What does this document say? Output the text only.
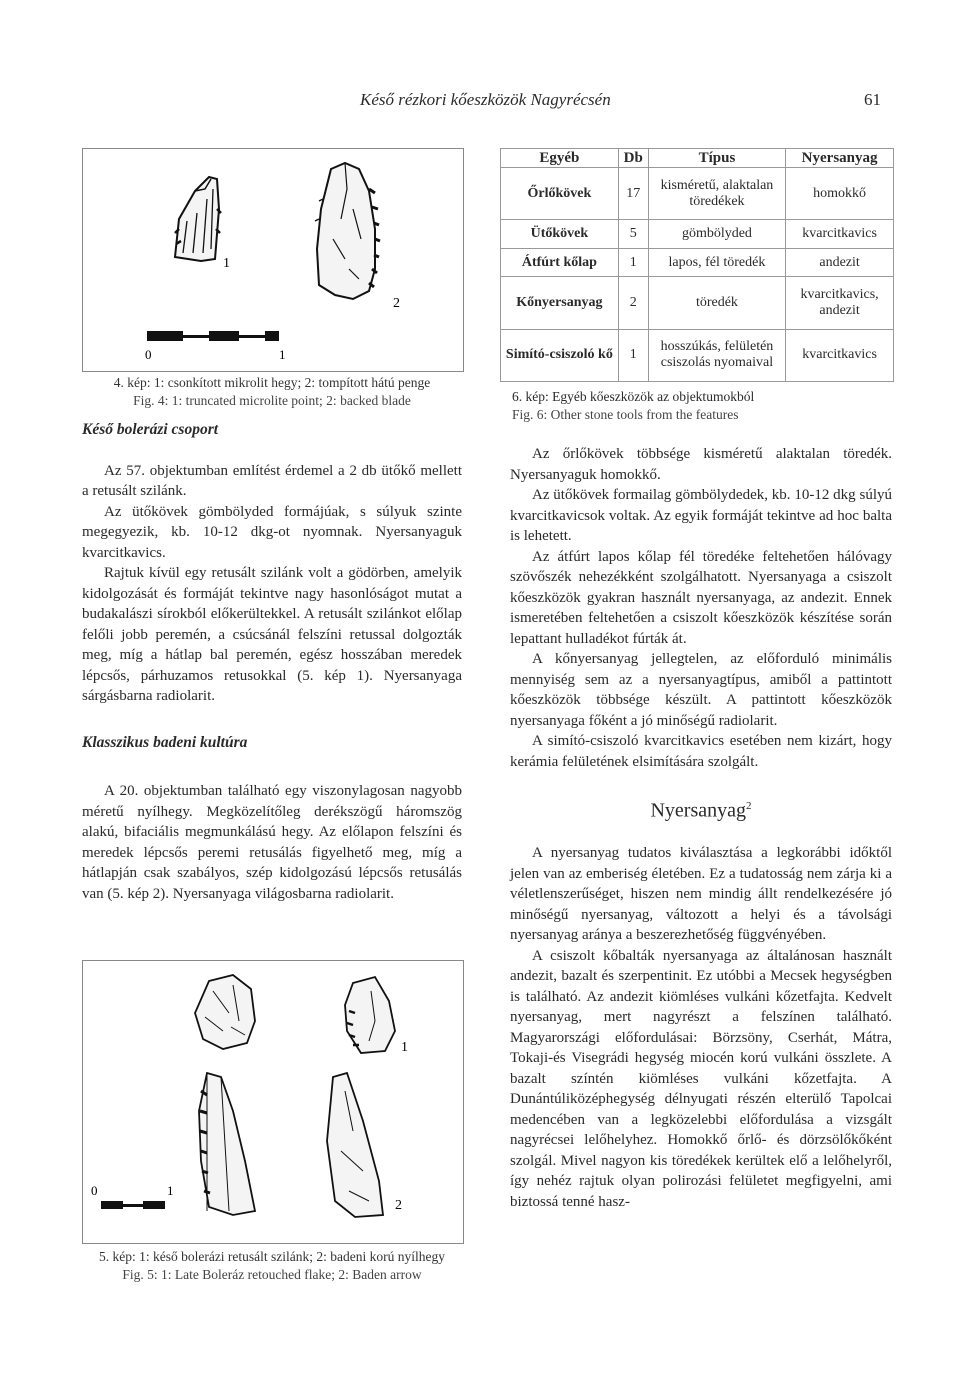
Késő rézkori kőeszközök Nagyrécsén	61
1
2
0	1
4. kép: 1: csonkított mikrolit hegy; 2: tompított hátú penge
Fig. 4: 1: truncated microlite point; 2: backed blade
Késő bolerázi csoport

Az 57. objektumban említést érdemel a 2 db ütőkő mellett a retusált szilánk.

Az ütőkövek gömbölyded formájúak, s súlyuk szinte megegyezik, kb. 10-12 dkg-ot nyomnak. Nyersanyaguk kvarcitkavics.

Rajtuk kívül egy retusált szilánk volt a gödörben, amelyik kidolgozását és formáját tekintve nagy hasonlóságot mutat a budakalászi sírokból előkerültekkel. A retusált szilánkot előlap felőli jobb peremén, a csúcsánál felszíni retussal dolgozták meg, míg a hátlap bal peremén, egész hosszában meredek lépcsős, párhuzamos retusokkal (5. kép 1). Nyersanyaga sárgásbarna radiolarit.

Klasszikus badeni kultúra

A 20. objektumban található egy viszonylagosan nagyobb méretű nyílhegy. Megközelítőleg derékszögű háromszög alakú, bifaciális megmunkálású hegy. Az előlapon felszíni és meredek lépcsős peremi retusálás figyelhető meg, míg a hátlapján csak szabályos, szép kidolgozású lépcsős retusálás van (5. kép 2). Nyersanyaga világosbarna radiolarit.

1
2
0	1
5. kép: 1: késő bolerázi retusált szilánk; 2: badeni korú nyílhegy
Fig. 5: 1: Late Boleráz retouched flake; 2: Baden arrow
Egyéb	Db	Típus	Nyersanyag
Őrlőkövek	17	kisméretű, alaktalan töredékek	homokkő
Ütőkövek	5	gömbölyded	kvarcitkavics
Átfúrt kőlap	1	lapos, fél töredék	andezit
Kőnyersanyag	2	töredék	kvarcitkavics, andezit
Simító-csiszoló kő	1	hosszúkás, felületén csiszolás nyomaival	kvarcitkavics
6. kép: Egyéb kőeszközök az objektumokból
Fig. 6: Other stone tools from the features

Az őrlőkövek többsége kisméretű alaktalan töredék. Nyersanyaguk homokkő.

Az ütőkövek formailag gömbölydedek, kb. 10-12 dkg súlyú kvarcitkavicsok voltak. Az egyik formáját tekintve ad hoc balta is lehetett.

Az átfúrt lapos kőlap fél töredéke feltehetően hálóvagy szövőszék nehezékként szolgálhatott. Nyersanyaga a csiszolt kőeszközök gyakran használt nyersanyaga, az andezit. Ennek ismeretében feltehetően a csiszolt kőeszközök készítése során lepattant hulladékot fúrták át.

A kőnyersanyag jellegtelen, az előforduló minimális mennyiség sem az a nyersanyagtípus, amiből a pattintott kőeszközök többsége készült. A pattintott kőeszközök nyersanyaga főként a jó minőségű radiolarit.

A simító-csiszoló kvarcitkavics esetében nem kizárt, hogy kerámia felületének elsimítására szolgált.

Nyersanyag$^2$

A nyersanyag tudatos kiválasztása a legkorábbi időktől jelen van az emberiség életében. Ez a tudatosság nem zárja ki a véletlenszerűséget, hiszen nem mindig állt rendelkezésére jó minőségű nyersanyag, változott a helyi és a távolsági nyersanyag aránya a beszerezhetőség függvényében.

A csiszolt kőbalták nyersanyaga az általánosan használt andezit, bazalt és szerpentinit. Ez utóbbi a Mecsek hegységben is található. Az andezit kiömléses vulkáni kőzetfajta. Kedvelt nyersanyag, mert nagyrészt a felszínen található. Magyarországi előfordulásai: Börzsöny, Cserhát, Mátra, Tokaji-és Visegrádi hegység miocén korú vulkáni összlete. A bazalt színtén kiömléses vulkáni kőzetfajta. A Dunántúliközéphegység délnyugati részén elterülő Tapolcai medencében van a legközelebbi előfordulása a vizsgált nagyrécsei lelőhelyhez. Homokkő őrlő- és dörzsölőkőként szolgál. Mivel nagyon kis töredékek kerültek elő a lelőhelyről, így nehéz rajtuk olyan polirozási felületet megfigyelni, ami biztossá tenné hasz-
